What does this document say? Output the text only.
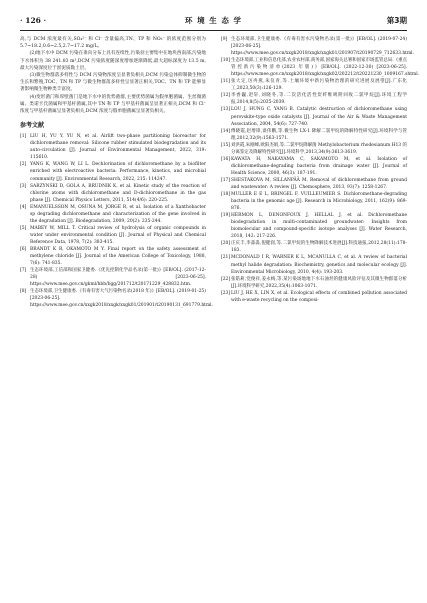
· 126 ·	环 境 生 态 学	第3期

高,与 DCM 浓度最有关,SO₄²⁻ 和 Cl⁻ 含量偏高,TN、TP 和 NO₃⁻ 的浓度范围分别为 5.7~18.2,0.6~2.5,2.7~17.2 mg/L。

(2)地下水中 DCM 污染在垂向分布上具有连续性,污染羽主要集中在地块西南部,污染地下水体积为 38 241.83 m³,DCM 污染浓度随深度增加逐渐降低,最大超标深度为 13.5 m,最大污染深度位于淤泥质黏土层。

(3)微生物群落多样性与 DCM 污染物浓度呈显著负相关,DCM 污染总体抑制微生物的生长和繁殖,TOC、TN 和 TP 与微生物群落多样性呈显著正相关,TOC、TN 和 TP 能够显著影响微生物种类丰富度。

(4)变形菌门和厚壁菌门是地下水中的优势菌群,主要优势菌属为假单胞菌属、生丝微菌属、类诺卡氏菌属和甲基杆菌属,其中 TN 和 TP 与甲基杆菌属呈显著正相关,DCM 和 Cl⁻ 浓度与甲基杆菌属呈显著负相关,DCM 浓度与假单胞菌属呈显著负相关。

参考文献
[1] LIU H, YU Y, YU N, et al. Airlift two-phase partitioning bioreactor for dichloromethane removal: Silicone rubber stimulated biodegradation and its auto-circulation [J]. Journal of Environmental Management, 2022, 319: 115610.
[2] YANG K, WANG W, LI L. Dechlorination of dichloromethane by a biofilter enriched with electroactive bacteria: Performance, kinetics, and microbial community [J]. Environmental Research, 2022, 215: 114247.
[3] SARZYNSKI D, GOLA A, BRUDNIK K, et al. Kinetic study of the reaction of chlorine atoms with dichloromethane and D-dichloromethane in the gas phase [J]. Chemical Physics Letters, 2011, 514(4/6): 220-225.
[4] EMANUELSSON M, OSUNA M, JORGE R, et al. Isolation of a Xanthobacter sp degrading dichloromethane and characterization of the gene involved in the degradation [J]. Biodegradation, 2009, 20(2): 235-244.
[5] MABEY W, MILL T. Critical review of hydrolysis of organic compounds in water under environmental condition [J]. Journal of Physical and Chemical Reference Data, 1978, 7(2): 383-415.
[6] BRANDT K R, OKAMOTO M Y. Final report on the safety assessment of methylene chloride [J]. Journal of the American College of Toxicology, 1988, 7(6): 741-835.
[7] 生态环境部,工信部和国家卫健委.《优先控制化学品名录(第一批)》[EB/OL]. (2017-12-28) [2023-06-25]. https://www.mee.gov.cn/gkml/hbb/bgg/201712/t20171229_428832.htm.
[8] 生态环境部,卫生健康委.《有毒有害大气污染物名录(2018 年)》[EB/OL]. (2019-01-25) [2023-06-25]. https://www.mee.gov.cn/xxgk2018/xxgk/xxgk01/201901/t20190131_691779.html.
[9] 生态环境部,卫生健康委.《有毒有害水污染物名录(第一批)》[EB/OL]. (2019-07-24) [2023-06-25]. https://www.mee.gov.cn/xxgk2018/xxgk/xxgk01/201907/t20190729_712633.html.
[10] 生态环境部,工业和信息化部,农业农村部,商务部,国家海关总署和国家市场监管总局.《重点管控新污染物清单(2023 年版)》[EB/OL]. (2022-12-30) [2023-06-25]. https://www.mee.gov.cn/xxgk2018/xxgk/xxgk02/202212/t20221230_1009167.shtml.
[11] 张大定,厉冉燕,朱仪青,等.土壤环境中新污染物治理的研究进展及展望[J].广东化工,2023,50(3):126-129.
[12] 李香巍,赵轩,刘晓冬,等.二次活化活性炭纤维吸附回收二氯甲烷[J].环境工程学报,2014,8(5):2035-2039.
[13] LOU J, HUNG C, YANG B. Catalytic destruction of dichloromethane using perovskite-type oxide catalysts [J]. Journal of the Air & Waste Management Association, 2004, 54(6): 727-740.
[14] 傅晓霞,赵增锋,谈伟鹏,等.微生物 LX-1 降解二氯甲烷的降解特性研究[J].环境科学与管理,2012,32(9):1563-1571.
[15] 刘洪霞,朱刚峰,欧阳杰娟,等.二氯甲烷降解菌 Methylobacterium rhodesianum H13 的分离鉴定及降解特性研究[J].环境科学,2013,34(9):3613-3619.
[16] KAWATA H, NAKAYAMA C, SAKAMOTO M, et al. Isolation of dichloromethane-degrading bacteria from drainage water [J]. Journal of Health Science, 2000, 46(3): 187-191.
[17] SHESTAKOVA M, SILLANPÄÄ M. Removal of dichloromethane from ground and wastewater: A review [J]. Chemosphere, 2013, 93(7): 1258-1267.
[18] MULLER E E L, BRINGEL F, VUILLEUMIER S. Dichloromethane-degrading bacteria in the genomic age [J]. Research in Microbiology, 2011, 162(9): 869-876.
[19] HERMON L, DENONFOUX J, HELLAL J, et al. Dichloromethane biodegradation in multi-contaminated groundwater: Insights from biomolecular and compound-specific isotope analyses [J]. Water Research, 2018, 142: 217-226.
[20] 庄庆丰,李淼淼,倪健润,等.二氯甲烷的生物降解技术进展[J].科技通报,2012,28(11):178-183.
[21] MCDONALD I R, WARNER K L, MCANULLA C, et al. A review of bacterial methyl halide degradation: Biochemistry, genetics and molecular ecology [J]. Environmental Microbiology, 2010, 4(4): 193-203.
[22] 张皓莉,党俊祥,姜永梅,等.某污染场地地下水石油烃的健康风险评估及其微生物群落分析[J].环境科学研究,2022,35(4):1063-1071.
[23] LIU J, HE X, LIN X, et al. Ecological effects of combined pollution associated with e-waste recycling on the composi-
